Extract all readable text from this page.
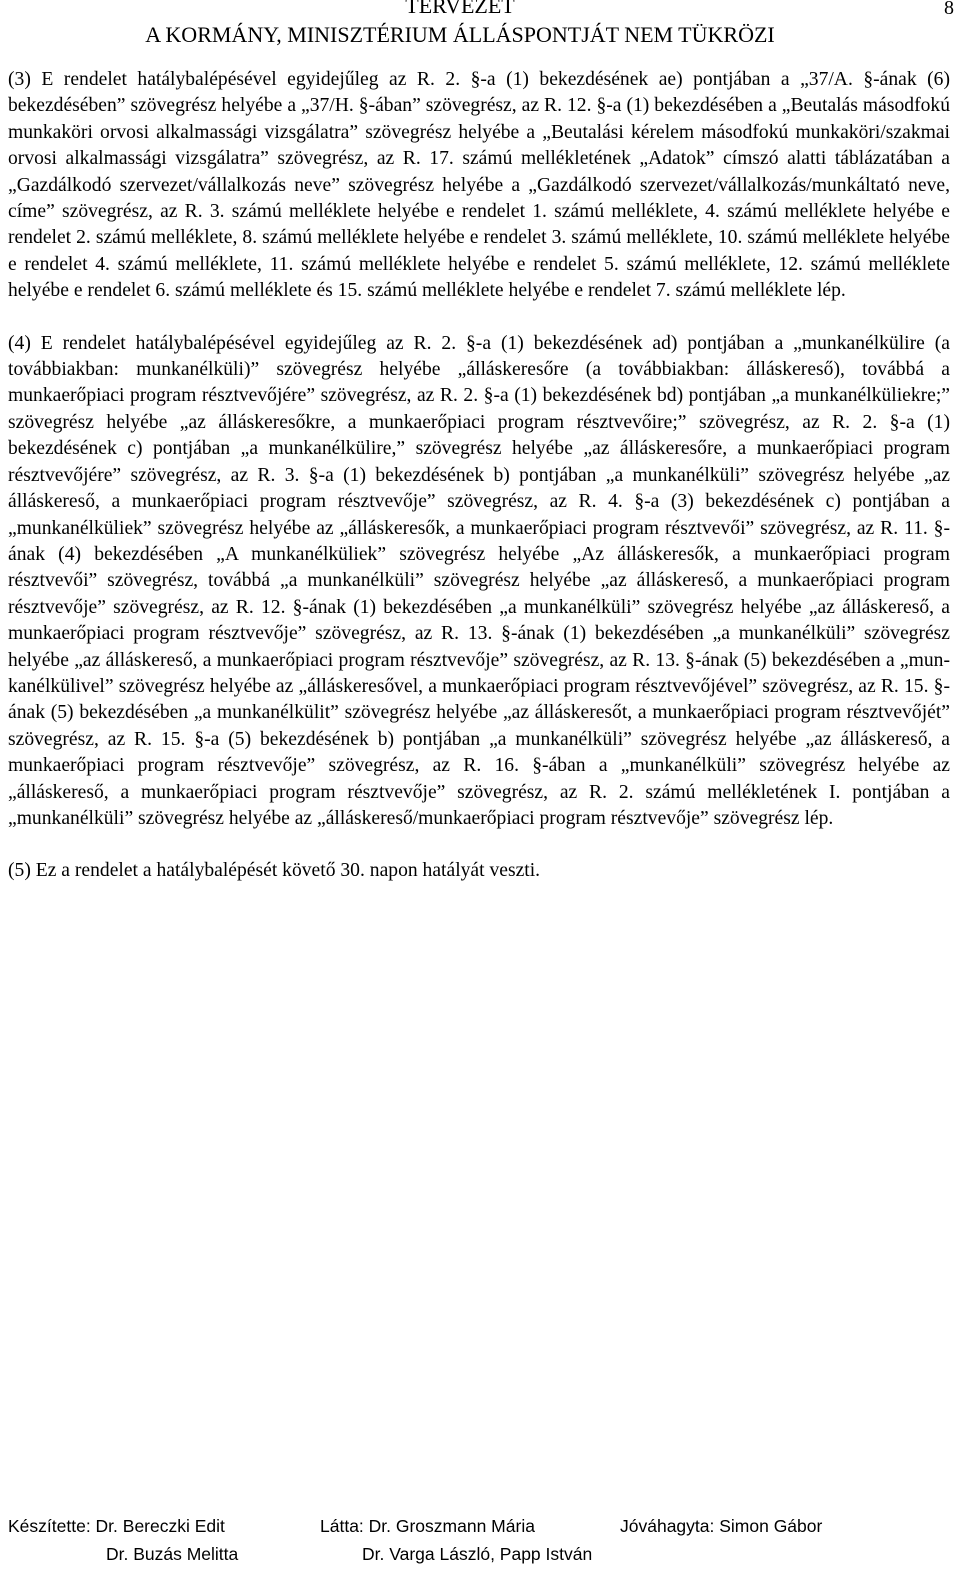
TERVEZET
A KORMÁNY, MINISZTÉRIUM ÁLLÁSPONTJÁT NEM TÜKRÖZI
8

(3) E rendelet hatálybalépésével egyidejűleg az R. 2. §-a (1) bekezdésének ae) pontjában a „37/A. §-ának (6) bekezdésében” szövegrész helyébe a „37/H. §-ában” szövegrész, az R. 12. §-a (1) bekezdésében a „Beutalás másodfokú munkaköri orvosi alkalmassági vizsgálatra” szövegrész helyébe a „Beutalási kérelem másodfokú munkaköri/szakmai orvosi alkalmassági vizsgálatra” szövegrész, az R. 17. számú mellékletének „Adatok” címszó alatti táblázatában a „Gazdálkodó szervezet/vállalkozás neve” szövegrész helyébe a „Gazdálkodó szervezet/vállalkozás/munkáltató neve, címe” szövegrész, az R. 3. számú melléklete helyébe e rendelet 1. számú melléklete, 4. számú melléklete helyébe e rendelet 2. számú melléklete, 8. számú melléklete helyébe e rendelet 3. számú melléklete, 10. számú melléklete helyébe e rendelet 4. számú melléklete, 11. számú melléklete helyébe e rendelet 5. számú melléklete, 12. számú melléklete helyébe e rendelet 6. számú melléklete és 15. számú melléklete helyébe e rendelet 7. számú melléklete lép.

(4) E rendelet hatálybalépésével egyidejűleg az R. 2. §-a (1) bekezdésének ad) pontjában a „munkanélkülire (a továbbiakban: munkanélküli)” szövegrész helyébe „álláskeresőre (a továbbiakban: álláskereső), továbbá a munkaerőpiaci program résztvevőjére” szövegrész, az R. 2. §-a (1) bekezdésének bd) pontjában „a munkanélküliekre;” szövegrész helyébe „az álláskeresőkre, a munkaerőpiaci program résztvevőire;” szövegrész, az R. 2. §-a (1) bekezdésének c) pontjában „a munkanélkülire,” szövegrész helyébe „az álláskeresőre, a munkaerőpiaci program résztvevőjére” szövegrész, az R. 3. §-a (1) bekezdésének b) pontjában „a munkanélküli” szövegrész helyébe „az álláskereső, a munkaerőpiaci program résztvevője” szövegrész, az R. 4. §-a (3) bekezdésének c) pontjában a „munkanélküliek” szövegrész helyébe az „álláskeresők, a munkaerőpiaci program résztvevői” szövegrész, az R. 11. §-ának (4) bekezdésében „A munkanélküliek” szövegrész helyébe „Az álláskeresők, a munkaerőpiaci program résztvevői” szövegrész, továbbá „a munkanélküli” szövegrész helyébe „az álláskereső, a munkaerőpiaci program résztvevője” szövegrész, az R. 12. §-ának (1) bekezdésében „a munkanélküli” szövegrész helyébe „az álláskereső, a munkaerőpiaci program résztvevője” szövegrész, az R. 13. §-ának (1) bekezdésében „a munkanélküli” szövegrész helyébe „az álláskereső, a munkaerőpiaci program résztvevője” szövegrész, az R. 13. §-ának (5) bekezdésében a „munkanélkülivel” szövegrész helyébe az „álláskeresővel, a munkaerőpiaci program résztvevőjével” szövegrész, az R. 15. §-ának (5) bekezdésében „a munkanélkülit” szövegrész helyébe „az álláskeresőt, a munkaerőpiaci program résztvevőjét” szövegrész, az R. 15. §-a (5) bekezdésének b) pontjában „a munkanélküli” szövegrész helyébe „az álláskereső, a munkaerőpiaci program résztvevője” szövegrész, az R. 16. §-ában a „munkanélküli” szövegrész helyébe az „álláskereső, a munkaerőpiaci program résztvevője” szövegrész, az R. 2. számú mellékletének I. pontjában a „munkanélküli” szövegrész helyébe az „álláskereső/munkaerőpiaci program résztvevője” szövegrész lép.

(5) Ez a rendelet a hatálybalépését követő 30. napon hatályát veszti.

Készítette: Dr. Bereczki Edit
Dr. Buzás Melitta
Látta: Dr. Groszmann Mária
Dr. Varga László, Papp István
Jóváhagyta: Simon Gábor
